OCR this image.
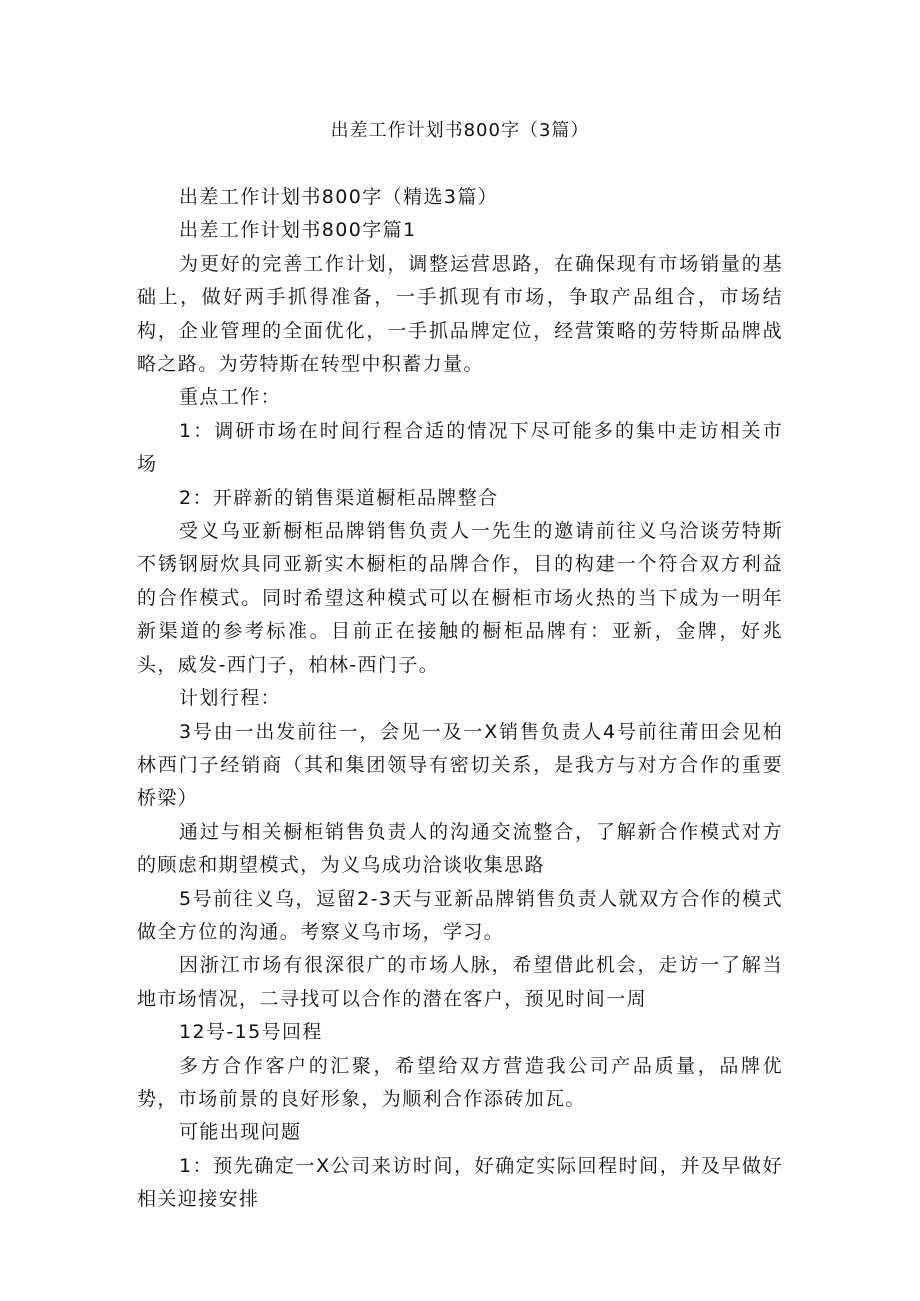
出差工作计划书800字（3篇）

出差工作计划书800字（精选3篇）

出差工作计划书800字篇1

为更好的完善工作计划，调整运营思路，在确保现有市场销量的基础上，做好两手抓得准备，一手抓现有市场，争取产品组合，市场结构，企业管理的全面优化，一手抓品牌定位，经营策略的劳特斯品牌战略之路。为劳特斯在转型中积蓄力量。

重点工作：

1：调研市场在时间行程合适的情况下尽可能多的集中走访相关市场

2：开辟新的销售渠道橱柜品牌整合

受义乌亚新橱柜品牌销售负责人一先生的邀请前往义乌洽谈劳特斯不锈钢厨炊具同亚新实木橱柜的品牌合作，目的构建一个符合双方利益的合作模式。同时希望这种模式可以在橱柜市场火热的当下成为一明年新渠道的参考标准。目前正在接触的橱柜品牌有：亚新，金牌，好兆头，威发-西门子，柏林-西门子。

计划行程：

3号由一出发前往一，会见一及一X销售负责人4号前往莆田会见柏林西门子经销商（其和集团领导有密切关系，是我方与对方合作的重要桥梁）

通过与相关橱柜销售负责人的沟通交流整合，了解新合作模式对方的顾虑和期望模式，为义乌成功洽谈收集思路

5号前往义乌，逗留2-3天与亚新品牌销售负责人就双方合作的模式做全方位的沟通。考察义乌市场，学习。

因浙江市场有很深很广的市场人脉，希望借此机会，走访一了解当地市场情况，二寻找可以合作的潜在客户，预见时间一周

12号-15号回程

多方合作客户的汇聚，希望给双方营造我公司产品质量，品牌优势，市场前景的良好形象，为顺利合作添砖加瓦。

可能出现问题

1：预先确定一X公司来访时间，好确定实际回程时间，并及早做好相关迎接安排
